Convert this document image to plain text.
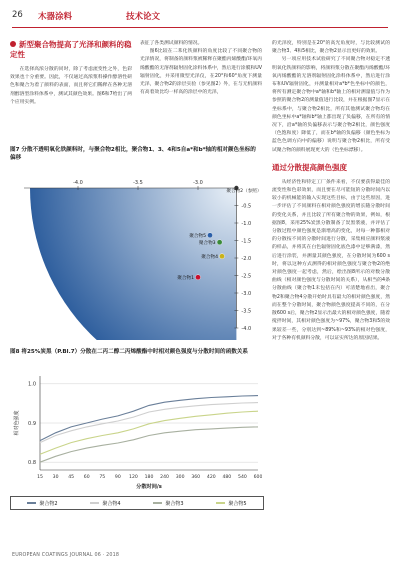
26 木器涂料	技术论文
新型聚合物提高了光泽和颜料的稳定性

在选择高浓分散的同时，除了考虑流变性之外，色彩效果也十分重要。因此，不仅通过高浓浆料操作醇溶性研色和聚合为着了颜料的表面，而且将它们稀释在各种无溶剂醇溶型涂料体系中，测试其颜色效果。图6和7给出了两个应用实例。

表征了各类测试颜料的情况。

图6比较在二苯化铁颜料的角度比较了不同聚合物的光泽情况，将制备的颜料浆被稀释在聚酯丙烯酸酯/环氧丙烯酸酯的无溶剂辐射固化涂料体系中，然后进行涂膜和UV辐射固化，并采用微型光泽仪，在20°和60°角度下测量光泽，聚合物2的涂层实验（参见图2）外，在与无机颜料有高着效比均一样高的涂层中的光泽，

的光泽度，特别是在20°的高光角度时，与比较测试的聚合物3、4和5相比，聚合物2显示出更好的效果。

另一项应用技术试验研究了不同聚合物对稳定不透明氧化铁颜料的影响，将颜料浆分散在聚酯丙烯酸酯/环氧丙烯酸酯的无溶剂辐射固化涂料体系中，然后进行涂布和UV辐射固化，并测量相对a*b*色坐标中的颜色，将所有测定聚合物中a*轴和b*轴上的相对测量值与作为参照的聚合物2的测量值进行比较，并在根据图7显示在坐标系中，与聚合物2相比，所有其他测试聚合物均在颜色坐标中a*轴和b*轴上都出现了负偏移，在所有的情况下，沿a*轴的负偏移表示与聚合物2相比，颜色强度（色饱和度）降低了，而在b*轴的负偏移（颜色坐标为蓝色色调方向中的偏移）说明与聚合物2相比，所有受试聚合物的颜料展现更大的（色坐标漂移）。

通过分散提高颜色强度

从经济性和特定工厂条件来看，不仅要获得最佳的流变性和色彩效果，而且要在尽可能短的分散时间内以较小的机械能的输入实现这些目标，由于这些原因，进一步评估了不同颜料在相对颜色强度的增长随分散时间的变化关系，并且比较了所有聚合物的效果，例如，根据图8，采用25%炭黑分散制备了炭黑浆液，并评估了分散过程中颜色强度是渐增高的变化，对每一种都相对的分散按不同的分散时间进行分散，采集相应颜料浆液的样品，并将其在白色辐射固化底色漆中足够满漆，然后进行涂装，并测量其颜色强度，在分散时间为600 s时，将以这种方式测得的相对颜色强度与聚合物2的绝对颜色强度一起考虑，然后，绘出图8所示的对数分散曲线（相对颜色强度与分散时间的关系），从相当的4条分散曲线（聚合物1未包括在内）可清楚地看出，聚合物2和聚合物4分散开始时具有最大的相对颜色强度，然而在整个分散时间，聚合物颜色强度提高不同的，在分散600 s后，聚合物2显示出最大的相对颜色强度，随着搅拌时间，其相对颜色强度为~97%，聚合物3和5的效果较差一些，分别达到~89%和~93%的相对色强度，对于各种有机颜料分散，可以证实所达的原因结果。

图7 分散不透明氧化铁颜料时，与聚合物2相比，聚合物1、3、4和5自a*和b*轴的相对颜色坐标的偏移
-4.0	-3.5	-3.0
-0.5
-1.0
-1.5
-2.0
-2.5
-3.0
-3.5
-4.0
聚合物2（参照）
聚合物1
聚合物3
聚合物4
聚合物5
图8 将25%炭黑（P.Bl.7）分散在二丙二醇二丙烯酸酯中时相对颜色强度与分散时间的函数关系
1.0
0.9
0.8
15 30 45 60 75 90 120 180 240 300 360 420 480 540 600
相对色强度
分散时间/s
聚合物2	聚合物4	聚合物3	聚合物5
EUROPEAN COATINGS JOURNAL 06 · 2018
